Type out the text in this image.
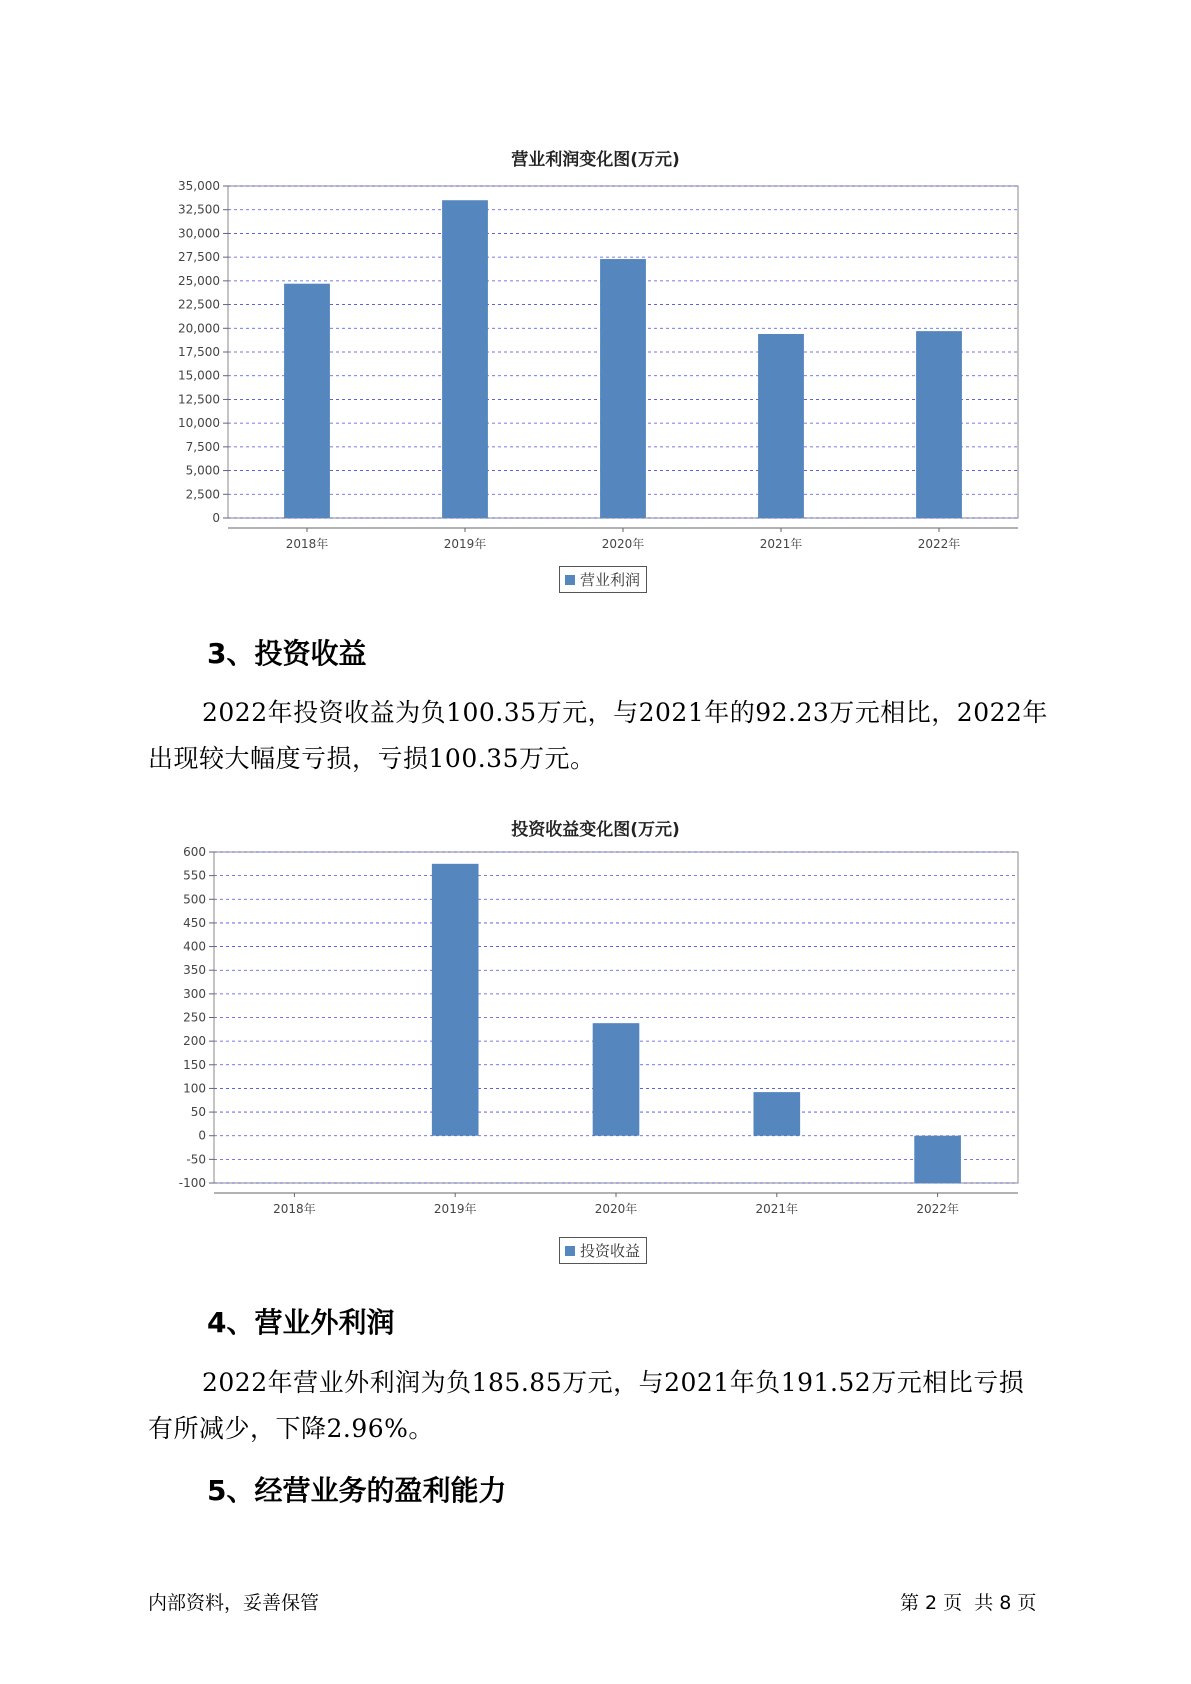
营业利润变化图(万元)
0
2,500
5,000
7,500
10,000
12,500
15,000
17,500
20,000
22,500
25,000
27,500
30,000
32,500
35,000
2018年	2019年	2020年	2021年	2022年
营业利润
3、投资收益
2022年投资收益为负100.35万元，与2021年的92.23万元相比，2022年
出现较大幅度亏损，亏损100.35万元。
投资收益变化图(万元)
-100
-50
0
50
100
150
200
250
300
350
400
450
500
550
600
2018年	2019年	2020年	2021年	2022年
投资收益
4、营业外利润
2022年营业外利润为负185.85万元，与2021年负191.52万元相比亏损
有所减少，下降2.96%。
5、经营业务的盈利能力
内部资料，妥善保管	第 2 页  共 8 页
